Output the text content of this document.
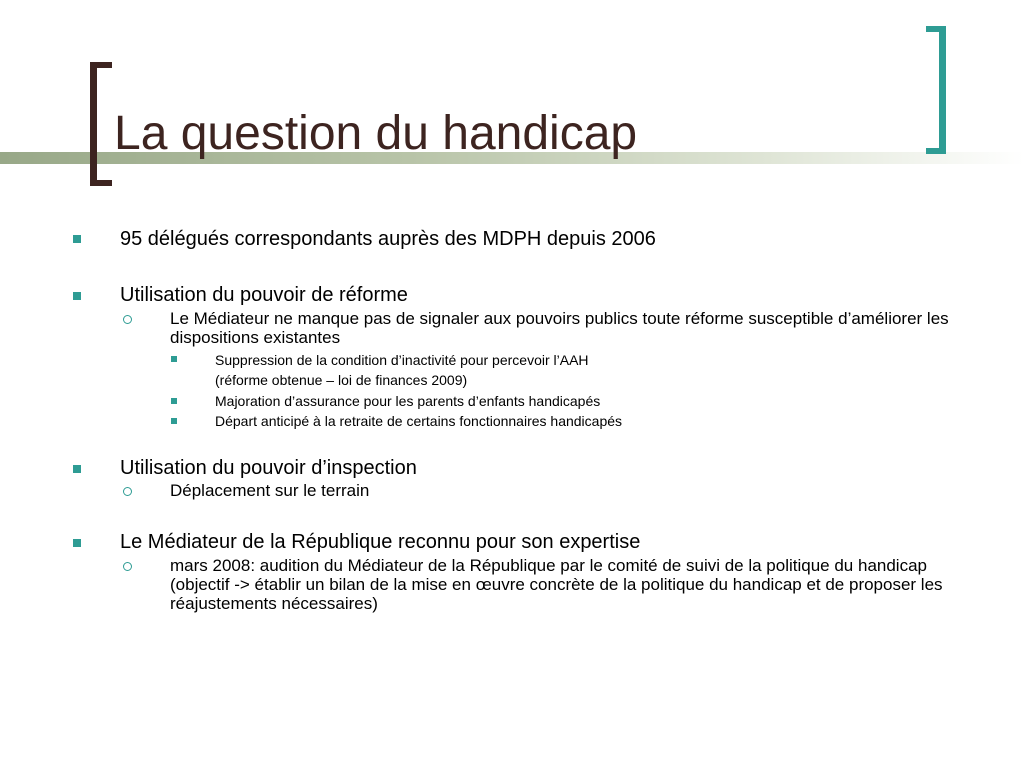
La question du handicap
95 délégués correspondants auprès des MDPH depuis 2006
Utilisation du pouvoir de réforme
Le Médiateur ne manque pas de signaler aux pouvoirs publics toute réforme susceptible d’améliorer les dispositions existantes
Suppression de la condition d’inactivité pour percevoir l’AAH
(réforme obtenue – loi de finances 2009)
Majoration d’assurance pour les parents d’enfants handicapés
Départ anticipé à la retraite de certains fonctionnaires handicapés
Utilisation du pouvoir d’inspection
Déplacement sur le terrain
Le Médiateur de la République reconnu pour son expertise
mars 2008: audition du Médiateur de la République par le comité de suivi de la politique du handicap (objectif -> établir un bilan de la mise en œuvre concrète de la politique du handicap et de proposer les réajustements nécessaires)
